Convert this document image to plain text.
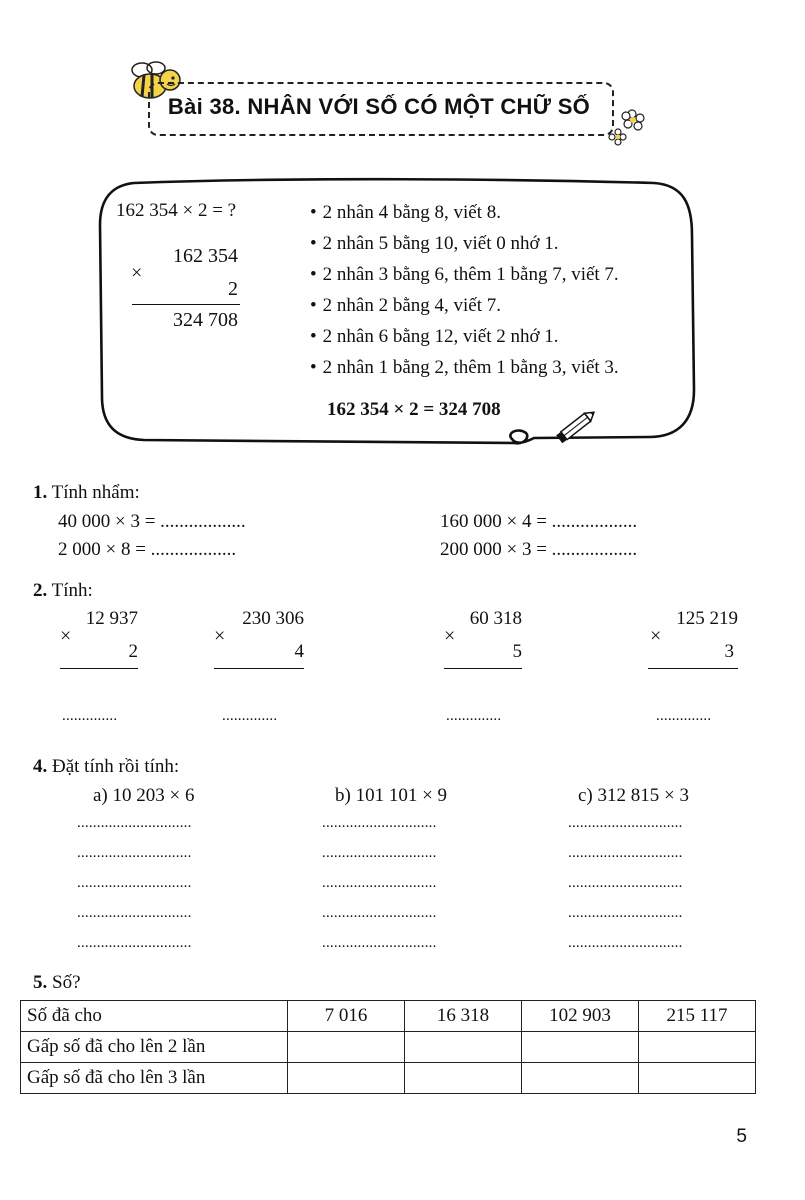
Bài 38. NHÂN VỚI SỐ CÓ MỘT CHỮ SỐ
162 354 × 2 = ?
162 354
×
2
324 708
• 2 nhân 4 bằng 8, viết 8.
• 2 nhân 5 bằng 10, viết 0 nhớ 1.
• 2 nhân 3 bằng 6, thêm 1 bằng 7, viết 7.
• 2 nhân 2 bằng 4, viết 7.
• 2 nhân 6 bằng 12, viết 2 nhớ 1.
• 2 nhân 1 bằng 2, thêm 1 bằng 3, viết 3.
162 354 × 2 = 324 708
1. Tính nhẩm:
40 000 × 3 = ..................
2 000 × 8 = ..................
160 000 × 4 = ..................
200 000 × 3 = ..................
2. Tính:
12 937
×
2
..............
230 306
×
4
..............
60 318
×
5
..............
125 219
×
3
..............
4. Đặt tính rồi tính:
a) 10 203 × 6	b) 101 101 × 9	c) 312 815 × 3
.............................
.............................
.............................
.............................
.............................
.............................
.............................
.............................
.............................
.............................
.............................
.............................
.............................
.............................
.............................
5. Số?
Số đã cho	7 016	16 318	102 903	215 117
Gấp số đã cho lên 2 lần				
Gấp số đã cho lên 3 lần				
5
